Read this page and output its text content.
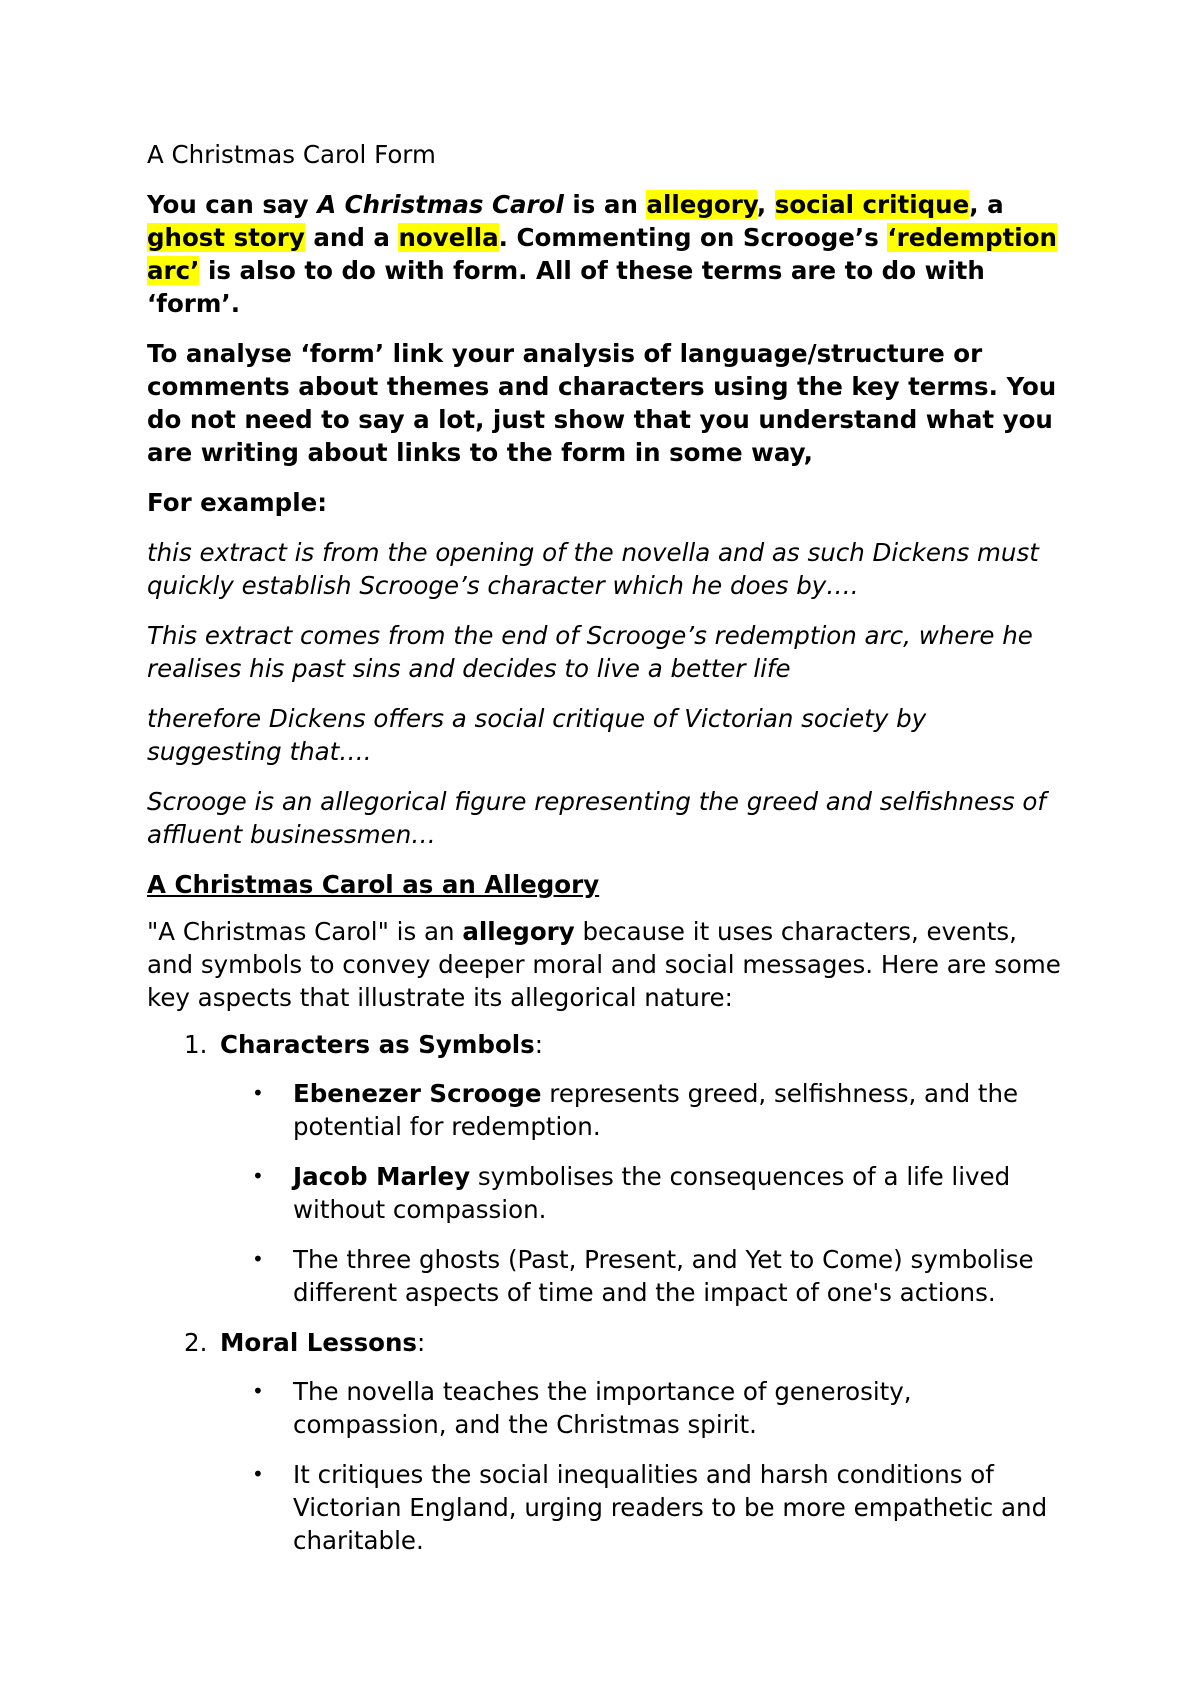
A Christmas Carol Form

You can say A Christmas Carol is an allegory, social critique, a ghost story and a novella. Commenting on Scrooge’s ‘redemption arc’ is also to do with form. All of these terms are to do with ‘form’.

To analyse ‘form’ link your analysis of language/structure or comments about themes and characters using the key terms. You do not need to say a lot, just show that you understand what you are writing about links to the form in some way,

For example:

this extract is from the opening of the novella and as such Dickens must quickly establish Scrooge’s character which he does by….

This extract comes from the end of Scrooge’s redemption arc, where he realises his past sins and decides to live a better life

therefore Dickens offers a social critique of Victorian society by suggesting that….

Scrooge is an allegorical figure representing the greed and selfishness of affluent businessmen…

A Christmas Carol as an Allegory

"A Christmas Carol" is an allegory because it uses characters, events, and symbols to convey deeper moral and social messages. Here are some key aspects that illustrate its allegorical nature:

1. Characters as Symbols:
• Ebenezer Scrooge represents greed, selfishness, and the potential for redemption.
• Jacob Marley symbolises the consequences of a life lived without compassion.
• The three ghosts (Past, Present, and Yet to Come) symbolise different aspects of time and the impact of one's actions.
2. Moral Lessons:
• The novella teaches the importance of generosity, compassion, and the Christmas spirit.
• It critiques the social inequalities and harsh conditions of Victorian England, urging readers to be more empathetic and charitable.
